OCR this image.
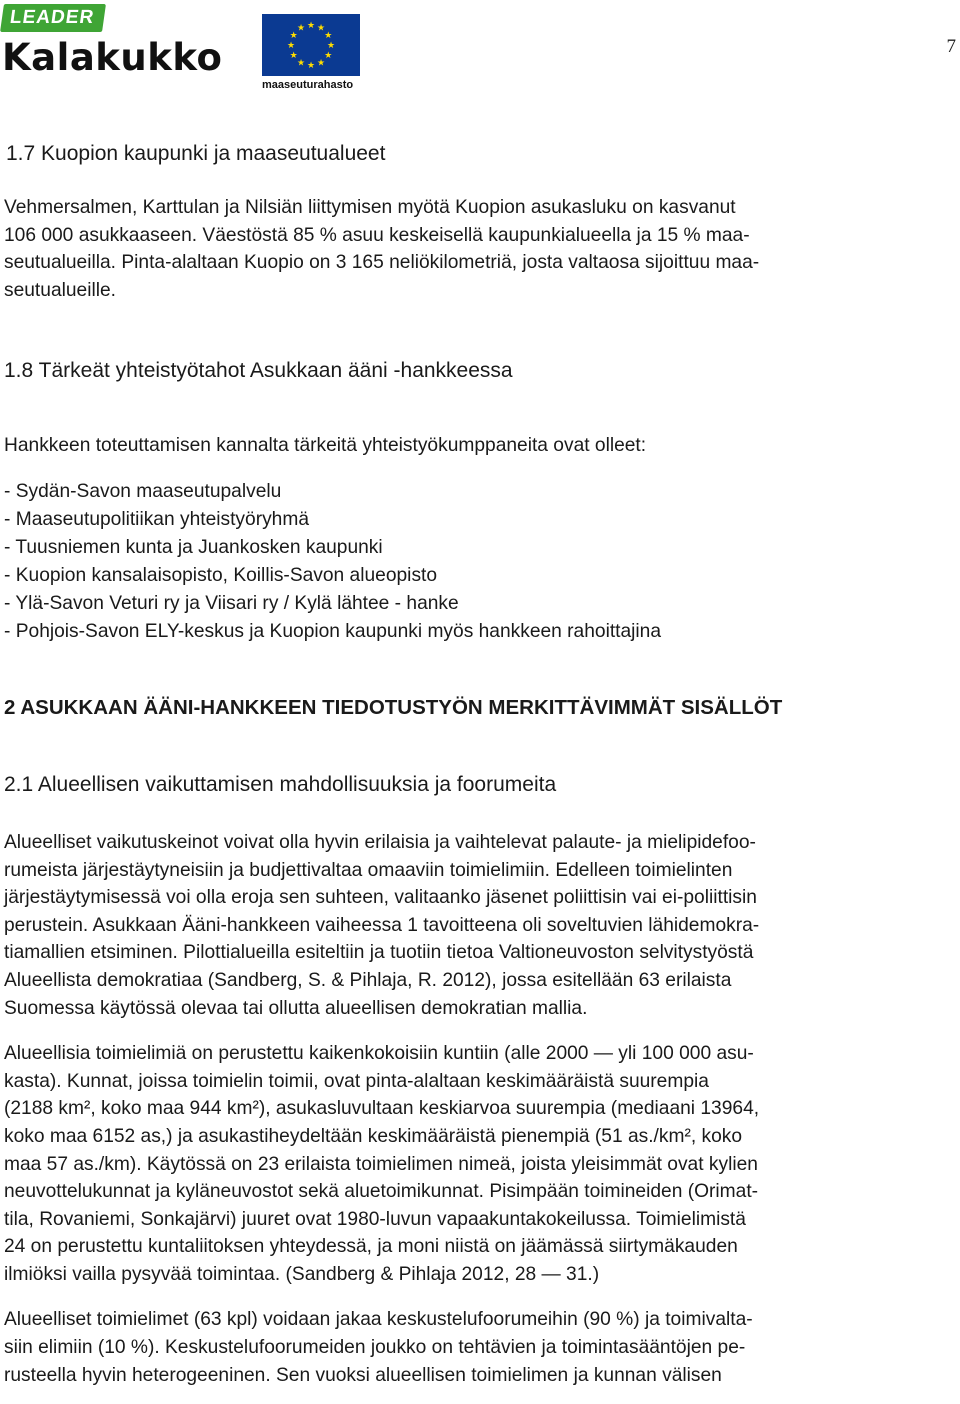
LEADER
Kalakukko
★ ★
★
★
★
★
★
★
★
★
★
★
maaseuturahasto
7

1.7 Kuopion kaupunki ja maaseutualueet

Vehmersalmen, Karttulan ja Nilsiän liittymisen myötä Kuopion asukasluku on kasvanut

106 000 asukkaaseen. Väestöstä 85 % asuu keskeisellä kaupunkialueella ja 15 % maa-

seutualueilla. Pinta-alaltaan Kuopio on 3 165 neliökilometriä, josta valtaosa sijoittuu maa-

seutualueille.

1.8 Tärkeät yhteistyötahot Asukkaan ääni -hankkeessa

Hankkeen toteuttamisen kannalta tärkeitä yhteistyökumppaneita ovat olleet:

- Sydän-Savon maaseutupalvelu
- Maaseutupolitiikan yhteistyöryhmä
- Tuusniemen kunta ja Juankosken kaupunki
- Kuopion kansalaisopisto, Koillis-Savon alueopisto
- Ylä-Savon Veturi ry ja Viisari ry / Kylä lähtee - hanke
- Pohjois-Savon ELY-keskus ja Kuopion kaupunki myös hankkeen rahoittajina

2 ASUKKAAN ÄÄNI-HANKKEEN TIEDOTUSTYÖN MERKITTÄVIMMÄT SISÄLLÖT

2.1 Alueellisen vaikuttamisen mahdollisuuksia ja foorumeita

Alueelliset vaikutuskeinot voivat olla hyvin erilaisia ja vaihtelevat palaute- ja mielipidefoo-

rumeista järjestäytyneisiin ja budjettivaltaa omaaviin toimielimiin. Edelleen toimielinten

järjestäytymisessä voi olla eroja sen suhteen, valitaanko jäsenet poliittisin vai ei-poliittisin

perustein. Asukkaan Ääni-hankkeen vaiheessa 1 tavoitteena oli soveltuvien lähidemokra-

tiamallien etsiminen. Pilottialueilla esiteltiin ja tuotiin tietoa Valtioneuvoston selvitystyöstä

Alueellista demokratiaa (Sandberg, S. & Pihlaja, R. 2012), jossa esitellään 63 erilaista

Suomessa käytössä olevaa tai ollutta alueellisen demokratian mallia.

Alueellisia toimielimiä on perustettu kaikenkokoisiin kuntiin (alle 2000 — yli 100 000 asu-

kasta). Kunnat, joissa toimielin toimii, ovat pinta-alaltaan keskimääräistä suurempia

(2188 km², koko maa 944 km²), asukasluvultaan keskiarvoa suurempia (mediaani 13964,

koko maa 6152 as,) ja asukastiheydeltään keskimääräistä pienempiä (51 as./km², koko

maa 57 as./km). Käytössä on 23 erilaista toimielimen nimeä, joista yleisimmät ovat kylien

neuvottelukunnat ja kyläneuvostot sekä aluetoimikunnat. Pisimpään toimineiden (Orimat-

tila, Rovaniemi, Sonkajärvi) juuret ovat 1980-luvun vapaakuntakokeilussa. Toimielimistä

24 on perustettu kuntaliitoksen yhteydessä, ja moni niistä on jäämässä siirtymäkauden

ilmiöksi vailla pysyvää toimintaa. (Sandberg & Pihlaja 2012, 28 — 31.)

Alueelliset toimielimet (63 kpl) voidaan jakaa keskustelufoorumeihin (90 %) ja toimivalta-

siin elimiin (10 %). Keskustelufoorumeiden joukko on tehtävien ja toimintasääntöjen pe-

rusteella hyvin heterogeeninen. Sen vuoksi alueellisen toimielimen ja kunnan välisen
